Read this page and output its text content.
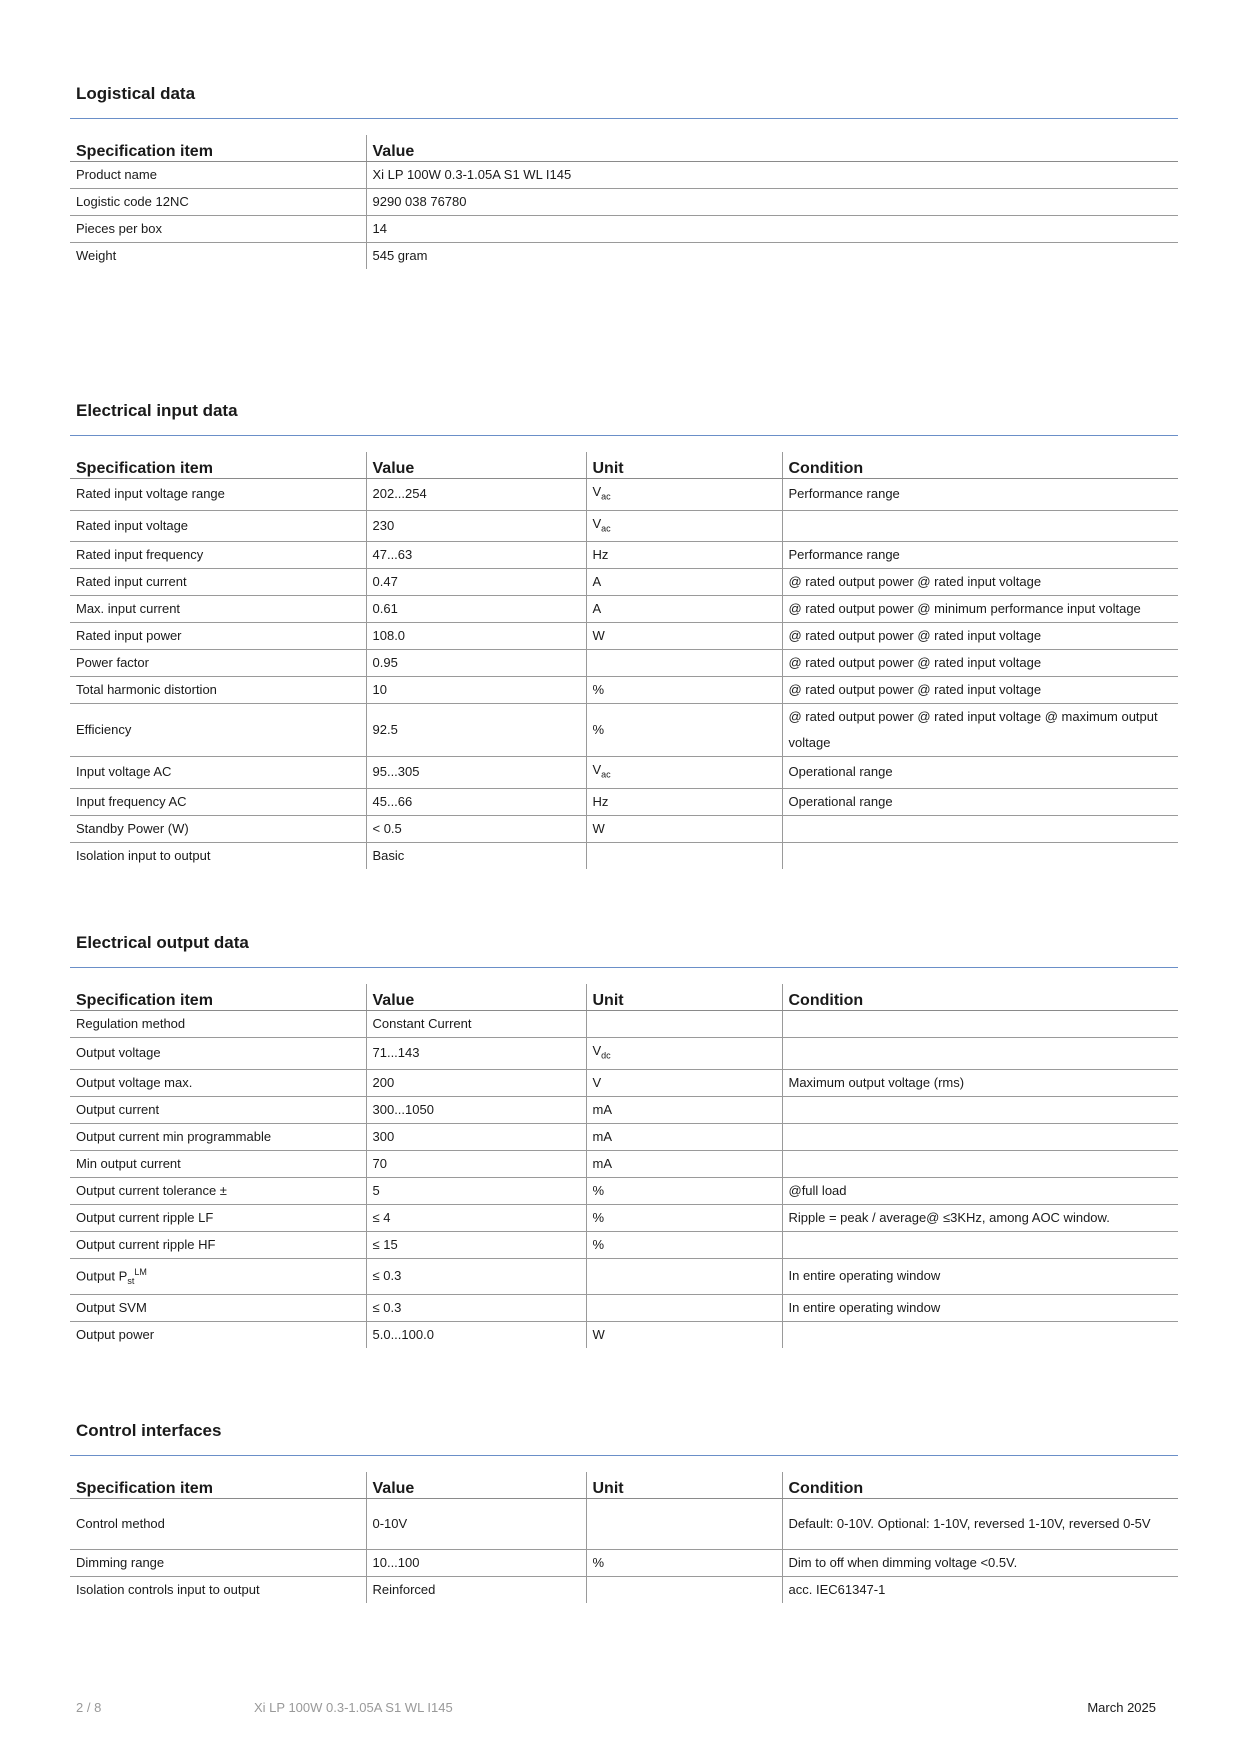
Logistical data
Specification item	Value
Product name	Xi LP 100W 0.3-1.05A S1 WL I145
Logistic code 12NC	9290 038 76780
Pieces per box	14
Weight	545 gram
Electrical input data
Specification item	Value	Unit	Condition
Rated input voltage range	202...254	$V_{ac}$	Performance range
Rated input voltage	230	$V_{ac}$	
Rated input frequency	47...63	Hz	Performance range
Rated input current	0.47	A	@ rated output power @ rated input voltage
Max. input current	0.61	A	@ rated output power @ minimum performance input voltage
Rated input power	108.0	W	@ rated output power @ rated input voltage
Power factor	0.95		@ rated output power @ rated input voltage
Total harmonic distortion	10	%	@ rated output power @ rated input voltage
Efficiency	92.5	%	@ rated output power @ rated input voltage @ maximum output voltage
Input voltage AC	95...305	$V_{ac}$	Operational range
Input frequency AC	45...66	Hz	Operational range
Standby Power (W)	< 0.5	W	
Isolation input to output	Basic		
Electrical output data
Specification item	Value	Unit	Condition
Regulation method	Constant Current		
Output voltage	71...143	$V_{dc}$	
Output voltage max.	200	V	Maximum output voltage (rms)
Output current	300...1050	mA	
Output current min programmable	300	mA	
Min output current	70	mA	
Output current tolerance ±	5	%	@full load
Output current ripple LF	≤ 4	%	Ripple = peak / average@ ≤3KHz, among AOC window.
Output current ripple HF	≤ 15	%	
Output $P_{st}^{LM}$	≤ 0.3		In entire operating window
Output SVM	≤ 0.3		In entire operating window
Output power	5.0...100.0	W	
Control interfaces
Specification item	Value	Unit	Condition
Control method	0-10V		Default: 0-10V. Optional: 1-10V, reversed 1-10V, reversed 0-5V
Dimming range	10...100	%	Dim to off when dimming voltage <0.5V.
Isolation controls input to output	Reinforced		acc. IEC61347-1
2 / 8	Xi LP 100W 0.3-1.05A S1 WL I145	March 2025
